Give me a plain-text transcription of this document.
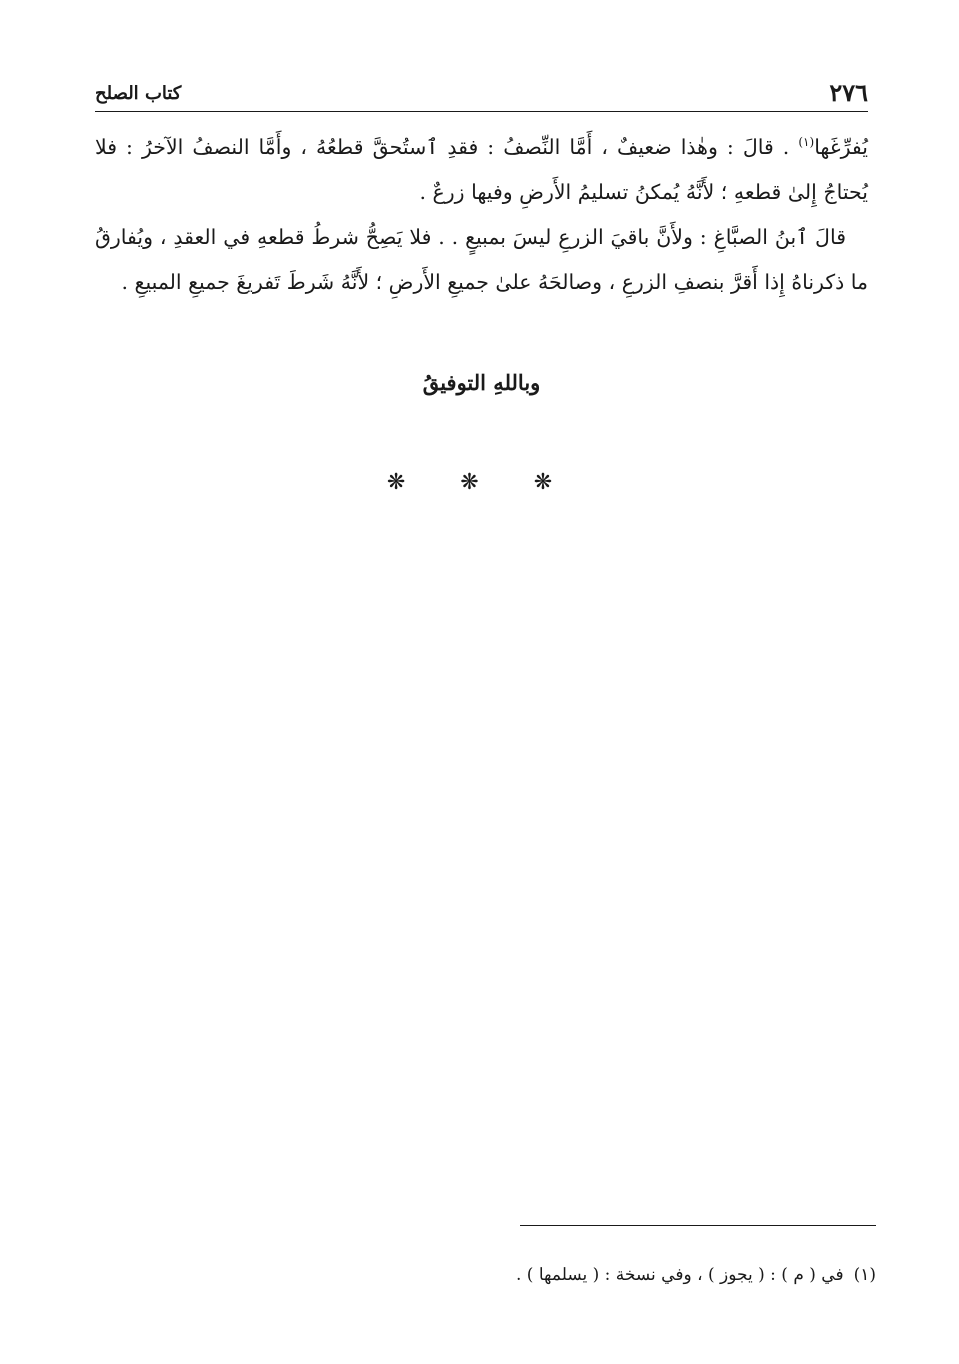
٢٧٦
كتاب الصلح

يُفرِّغَها$^{(١)}$ . قالَ : وهٰذا ضعيفٌ ، أَمَّا النِّصفُ : فقدِ ٱستُحقَّ قطعُهُ ، وأَمَّا النصفُ الآخرُ : فلا يُحتاجُ إِلىٰ قطعهِ ؛ لأَنَّهُ يُمكنُ تسليمُ الأَرضِ وفيها زرعٌ .

قالَ ٱبنُ الصبَّاغِ : ولأَنَّ باقيَ الزرعِ ليسَ بمبيعٍ . . فلا يَصِحُّ شرطُ قطعهِ في العقدِ ، ويُفارقُ ما ذكرناهُ إِذا أَقرَّ بنصفِ الزرعِ ، وصالحَهُ علىٰ جميعِ الأَرضِ ؛ لأَنَّهُ شَرطَ تَفريغَ جميعِ المبيعِ .

وباللهِ التوفيقُ
❋ ❋ ❋
(١)في ( م ) : ( يجوز ) ، وفي نسخة : ( يسلمها ) .
